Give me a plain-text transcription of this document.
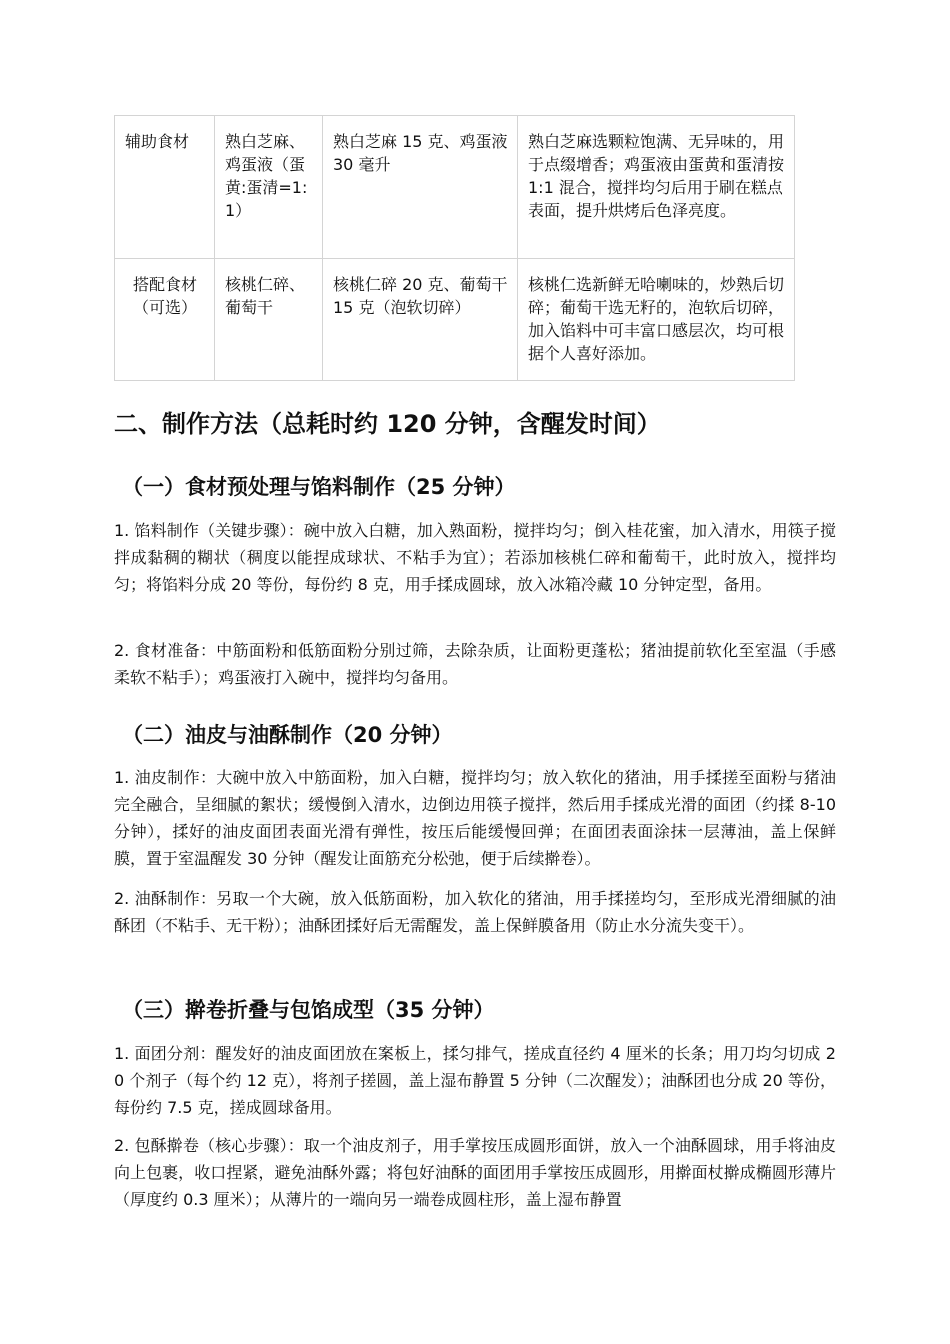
辅助食材	熟白芝麻、鸡蛋液（蛋黄:蛋清=1:1）	熟白芝麻 15 克、鸡蛋液 30 毫升	熟白芝麻选颗粒饱满、无异味的，用于点缀增香；鸡蛋液由蛋黄和蛋清按 1:1 混合，搅拌均匀后用于刷在糕点表面，提升烘烤后色泽亮度。
搭配食材（可选）	核桃仁碎、葡萄干	核桃仁碎 20 克、葡萄干 15 克（泡软切碎）	核桃仁选新鲜无哈喇味的，炒熟后切碎；葡萄干选无籽的，泡软后切碎，加入馅料中可丰富口感层次，均可根据个人喜好添加。
二、制作方法（总耗时约 120 分钟，含醒发时间）
（一）食材预处理与馅料制作（25 分钟）

1. 馅料制作（关键步骤）：碗中放入白糖，加入熟面粉，搅拌均匀；倒入桂花蜜，加入清水，用筷子搅拌成黏稠的糊状（稠度以能捏成球状、不粘手为宜）；若添加核桃仁碎和葡萄干，此时放入，搅拌均匀；将馅料分成 20 等份，每份约 8 克，用手揉成圆球，放入冰箱冷藏 10 分钟定型，备用。

2. 食材准备：中筋面粉和低筋面粉分别过筛，去除杂质，让面粉更蓬松；猪油提前软化至室温（手感柔软不粘手）；鸡蛋液打入碗中，搅拌均匀备用。

（二）油皮与油酥制作（20 分钟）

1. 油皮制作：大碗中放入中筋面粉，加入白糖，搅拌均匀；放入软化的猪油，用手揉搓至面粉与猪油完全融合，呈细腻的絮状；缓慢倒入清水，边倒边用筷子搅拌，然后用手揉成光滑的面团（约揉 8-10 分钟），揉好的油皮面团表面光滑有弹性，按压后能缓慢回弹；在面团表面涂抹一层薄油，盖上保鲜膜，置于室温醒发 30 分钟（醒发让面筋充分松弛，便于后续擀卷）。

2. 油酥制作：另取一个大碗，放入低筋面粉，加入软化的猪油，用手揉搓均匀，至形成光滑细腻的油酥团（不粘手、无干粉）；油酥团揉好后无需醒发，盖上保鲜膜备用（防止水分流失变干）。

（三）擀卷折叠与包馅成型（35 分钟）

1. 面团分剂：醒发好的油皮面团放在案板上，揉匀排气，搓成直径约 4 厘米的长条；用刀均匀切成 20 个剂子（每个约 12 克），将剂子搓圆，盖上湿布静置 5 分钟（二次醒发）；油酥团也分成 20 等份，每份约 7.5 克，搓成圆球备用。

2. 包酥擀卷（核心步骤）：取一个油皮剂子，用手掌按压成圆形面饼，放入一个油酥圆球，用手将油皮向上包裹，收口捏紧，避免油酥外露；将包好油酥的面团用手掌按压成圆形，用擀面杖擀成椭圆形薄片（厚度约 0.3 厘米）；从薄片的一端向另一端卷成圆柱形，盖上湿布静置
